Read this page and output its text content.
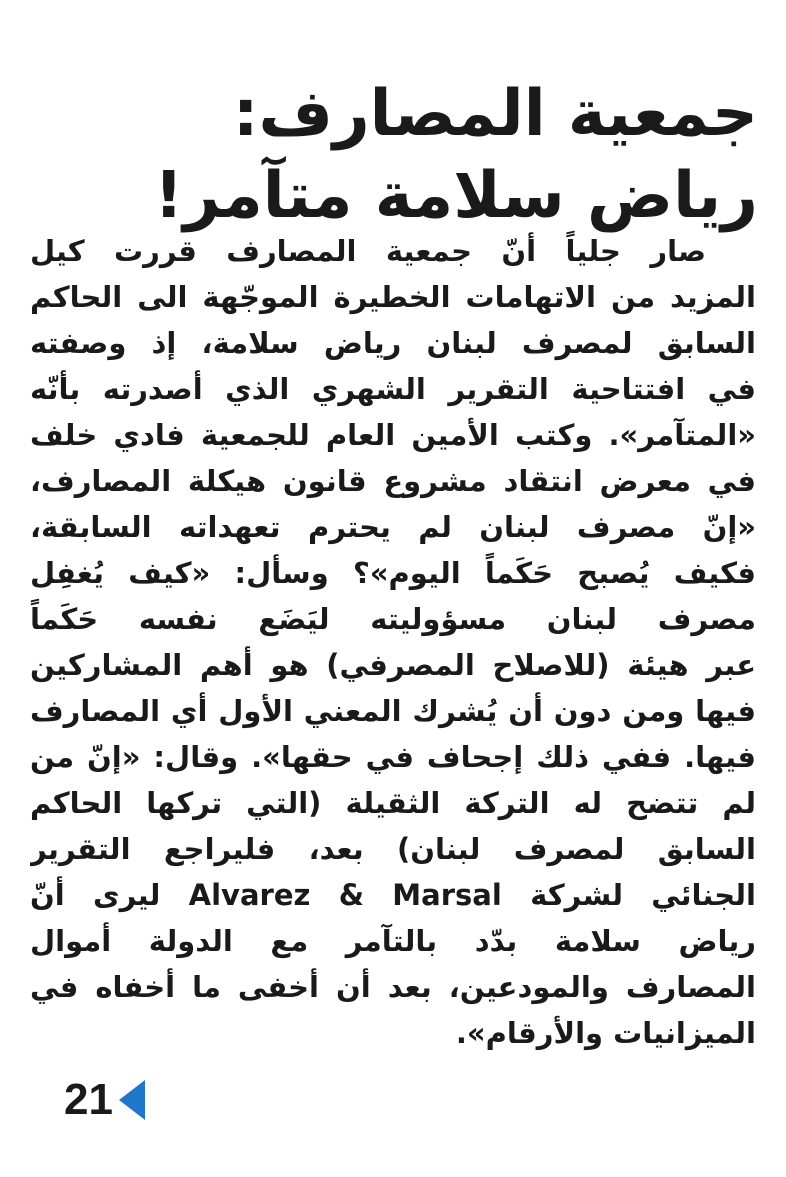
جمعية المصارف:
رياض سلامة متآمر!
صار جلياً أنّ جمعية المصارف قررت كيل
المزيد من الاتهامات الخطيرة الموجّهة الى الحاكم
السابق لمصرف لبنان رياض سلامة، إذ وصفته
في افتتاحية التقرير الشهري الذي أصدرته بأنّه
«المتآمر». وكتب الأمين العام للجمعية فادي خلف
في معرض انتقاد مشروع قانون هيكلة المصارف،
«إنّ مصرف لبنان لم يحترم تعهداته السابقة،
فكيف يُصبح حَكَماً اليوم»؟ وسأل: «كيف يُغفِل
مصرف لبنان مسؤوليته ليَضَع نفسه حَكَماً
عبر هيئة (للاصلاح المصرفي) هو أهم المشاركين
فيها ومن دون أن يُشرك المعني الأول أي المصارف
فيها. ففي ذلك إجحاف في حقها». وقال: «إنّ من
لم تتضح له التركة الثقيلة (التي تركها الحاكم
السابق لمصرف لبنان) بعد، فليراجع التقرير
الجنائي لشركة Alvarez & Marsal ليرى أنّ
رياض سلامة بدّد بالتآمر مع الدولة أموال
المصارف والمودعين، بعد أن أخفى ما أخفاه في
الميزانيات والأرقام».
21
